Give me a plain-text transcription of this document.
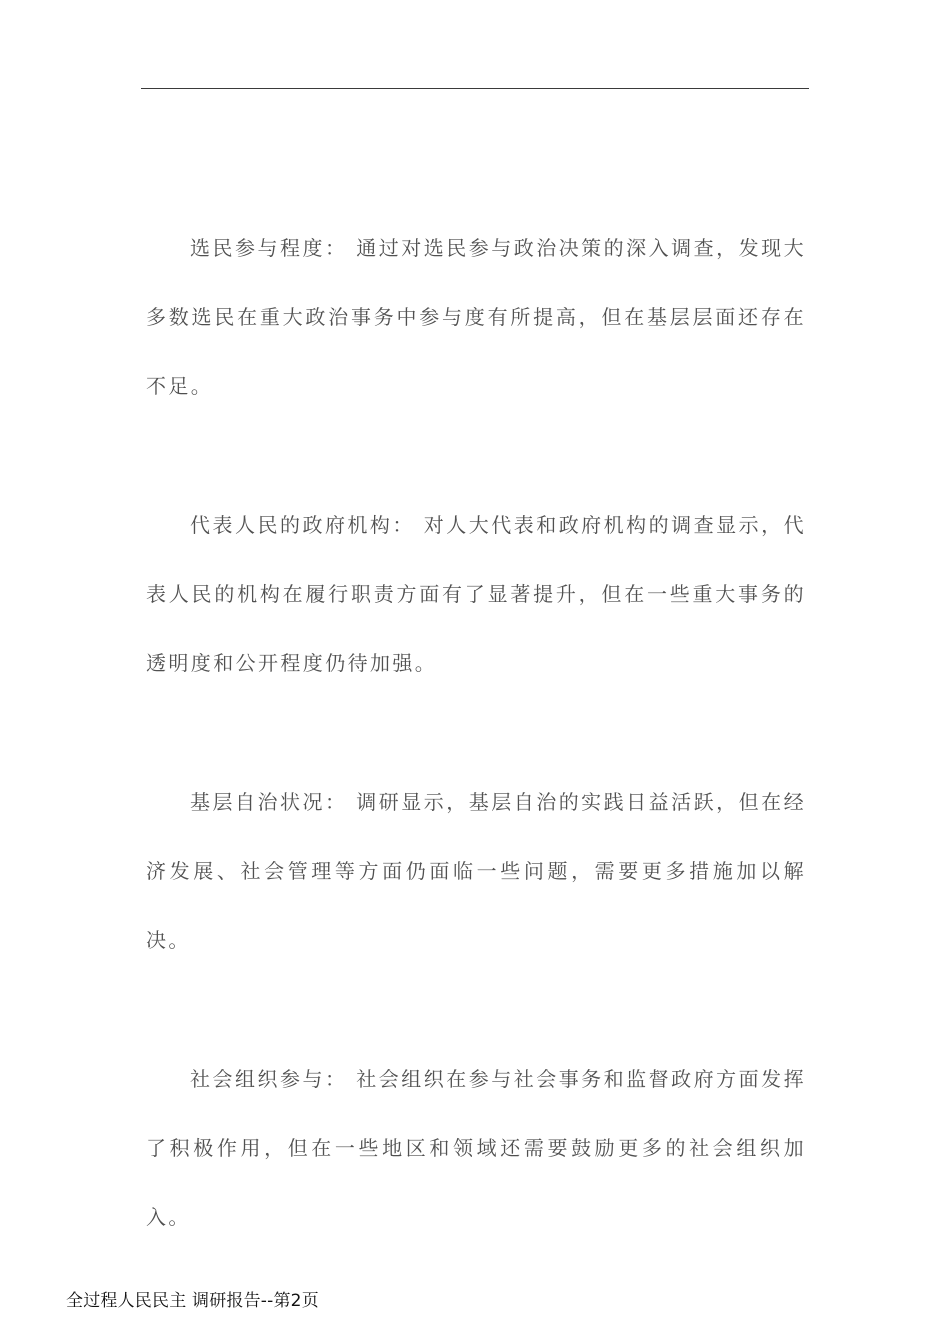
选民参与程度： 通过对选民参与政治决策的深入调查，发现大多数选民在重大政治事务中参与度有所提高，但在基层层面还存在不足。

代表人民的政府机构： 对人大代表和政府机构的调查显示，代表人民的机构在履行职责方面有了显著提升，但在一些重大事务的透明度和公开程度仍待加强。

基层自治状况： 调研显示，基层自治的实践日益活跃，但在经济发展、社会管理等方面仍面临一些问题，需要更多措施加以解决。

社会组织参与： 社会组织在参与社会事务和监督政府方面发挥了积极作用，但在一些地区和领域还需要鼓励更多的社会组织加入。

全过程人民民主 调研报告--第2页
